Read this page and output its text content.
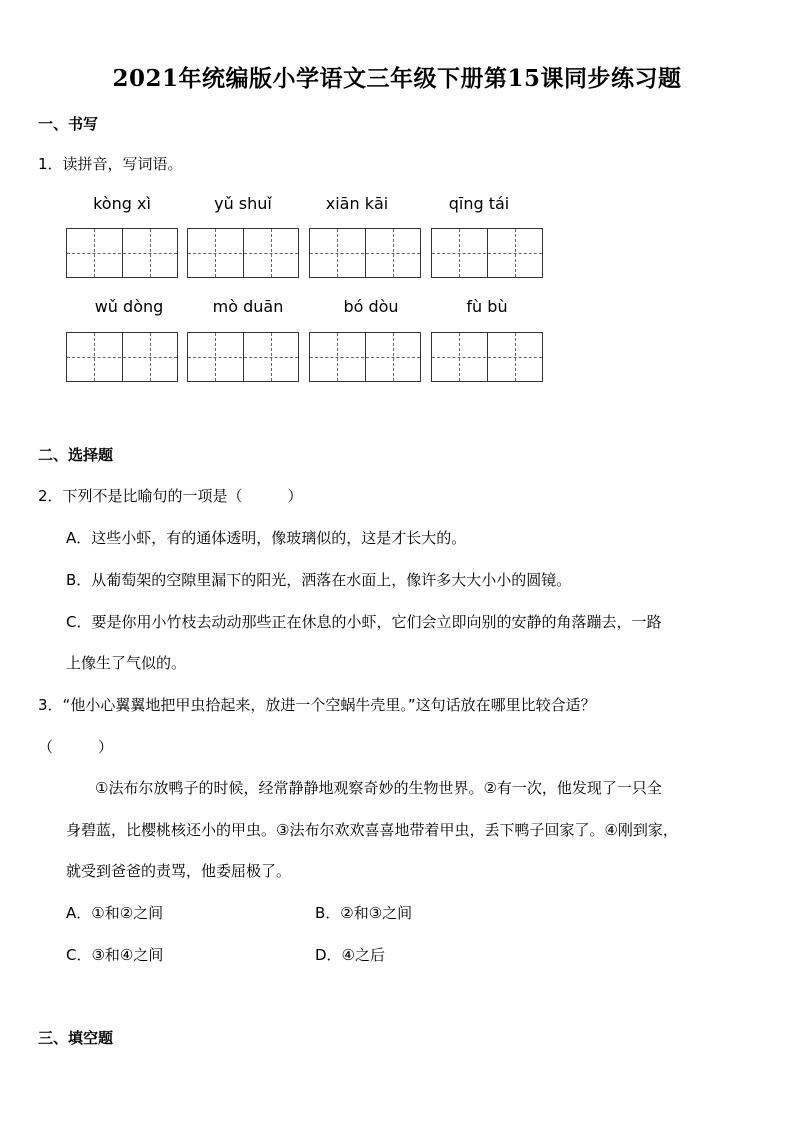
2021年统编版小学语文三年级下册第15课同步练习题
一、书写
1．读拼音，写词语。
kòng xì	yǔ shuǐ	xiān kāi	qīng tái
wǔ dòng	mò duān	bó dòu	fù bù
二、选择题
2．下列不是比喻句的一项是（　　　）
A．这些小虾，有的通体透明，像玻璃似的，这是才长大的。
B．从葡萄架的空隙里漏下的阳光，洒落在水面上，像许多大大小小的圆镜。
C．要是你用小竹枝去动动那些正在休息的小虾，它们会立即向别的安静的角落蹦去，一路
上像生了气似的。
3．“他小心翼翼地把甲虫拾起来，放进一个空蜗牛壳里。”这句话放在哪里比较合适？
（　　　）
①法布尔放鸭子的时候，经常静静地观察奇妙的生物世界。②有一次，他发现了一只全
身碧蓝，比樱桃核还小的甲虫。③法布尔欢欢喜喜地带着甲虫，丢下鸭子回家了。④刚到家，
就受到爸爸的责骂，他委屈极了。
A．①和②之间	B．②和③之间
C．③和④之间	D．④之后
三、填空题
